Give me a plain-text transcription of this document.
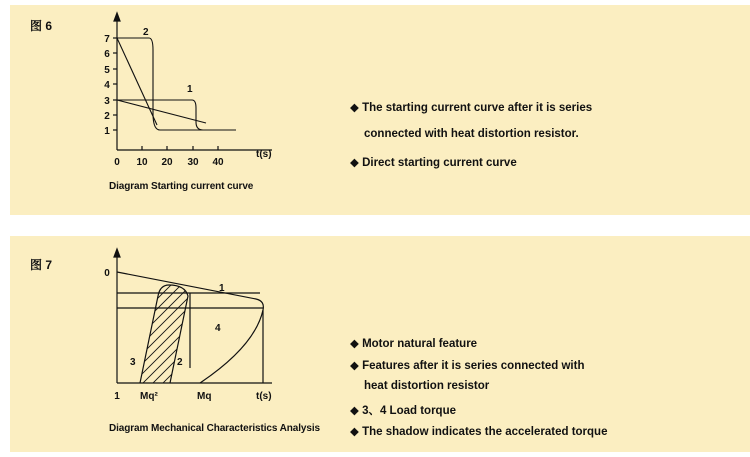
图 6
1
2
3
4
5
6
7
0 10 20 30 40
t(s)
2
1
Diagram Starting current curve
◆ The starting current curve after it is series
connected with heat distortion resistor.
◆ Direct starting current curve
图 7
0
1 Mq²	Mq	t(s)
1
4
3	2
Diagram Mechanical Characteristics Analysis
◆ Motor natural feature
◆ Features after it is series connected with
heat distortion resistor
◆ 3、4 Load torque
◆ The shadow indicates the accelerated torque
